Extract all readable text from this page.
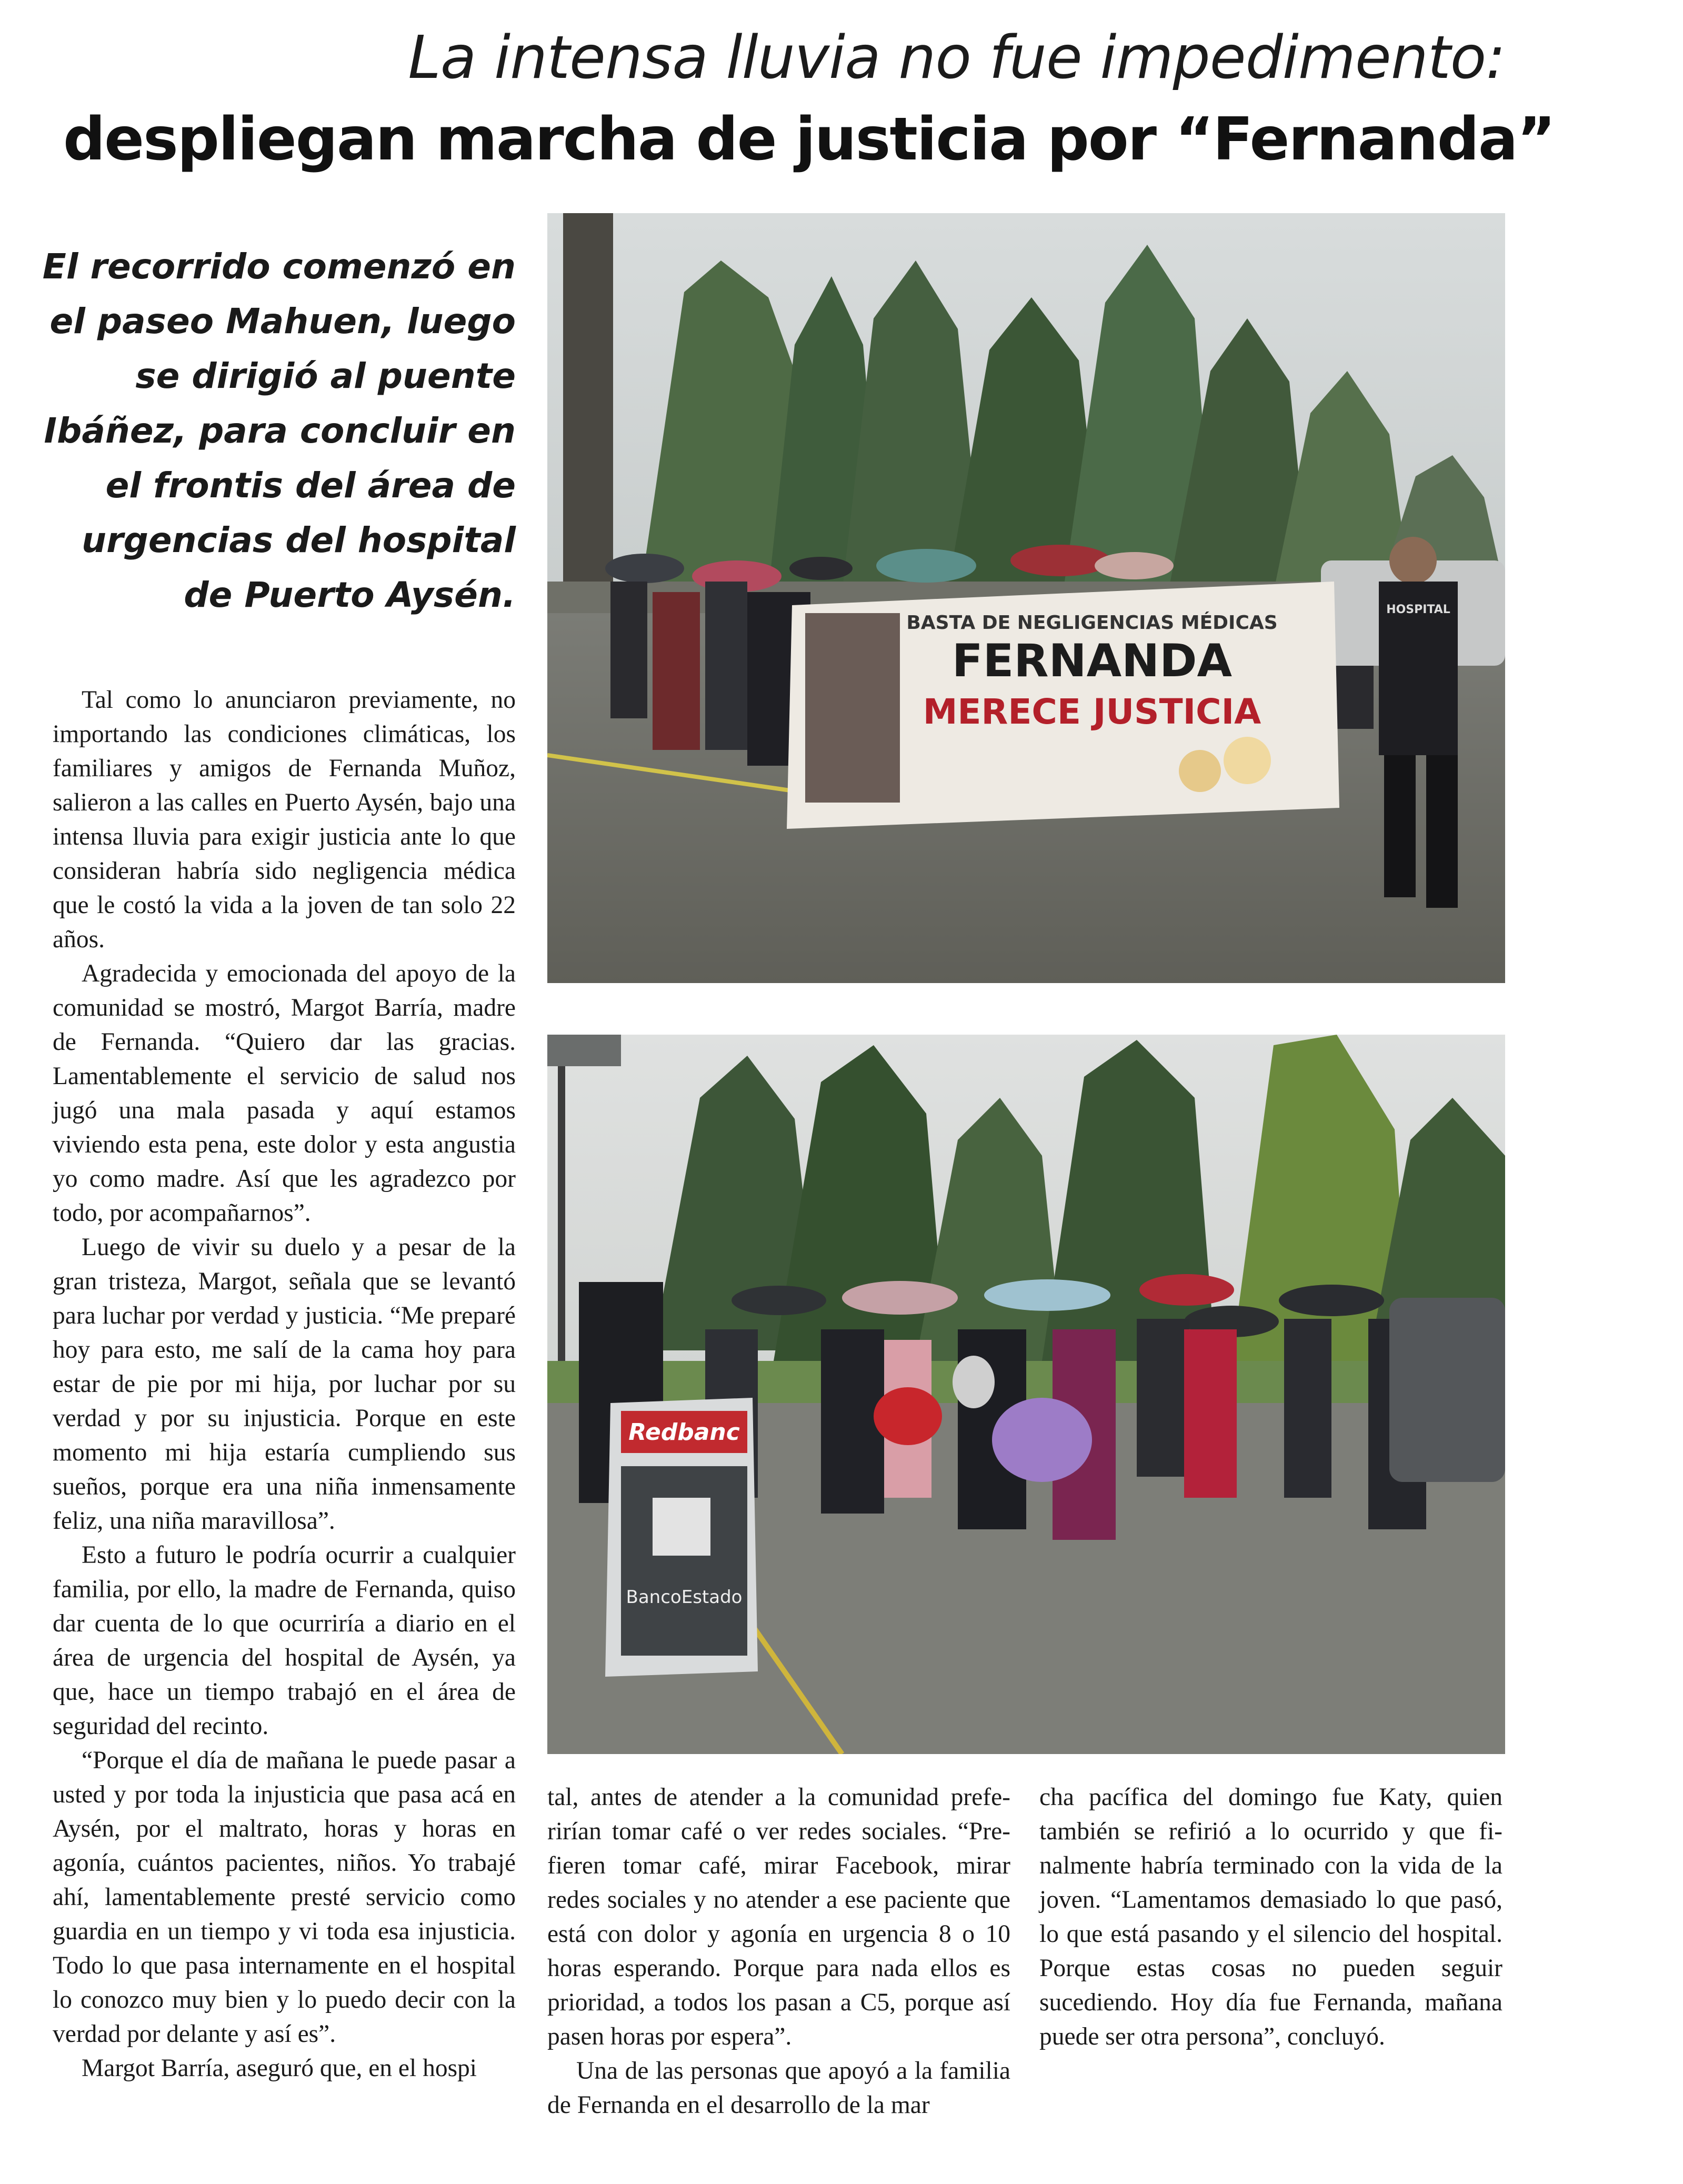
La intensa lluvia no fue impedimento:
despliegan marcha de justicia por “Fernanda”
El recorrido comenzó en el paseo Mahuen, luego se dirigió al puente Ibáñez, para concluir en el frontis del área de urgencias del hospital de Puerto Aysén.

Tal como lo anunciaron previamente, no importando las condiciones climáticas, los familiares y amigos de Fernanda Muñoz, salieron a las calles en Puerto Aysén, bajo una intensa lluvia para exigir justicia ante lo que consideran habría sido negligencia médica que le costó la vida a la joven de tan solo 22 años.

Agradecida y emocionada del apoyo de la comunidad se mostró, Margot Barría, madre de Fernanda. “Quiero dar las gracias. Lamentablemente el servicio de salud nos jugó una mala pasada y aquí estamos viviendo esta pena, este dolor y esta angustia yo como madre. Así que les agradezco por todo, por acompañarnos”.

Luego de vivir su duelo y a pesar de la gran tristeza, Margot, señala que se levantó para luchar por verdad y justicia. “Me preparé hoy para esto, me salí de la cama hoy para estar de pie por mi hija, por luchar por su verdad y por su injusticia. Porque en este momento mi hija estaría cumpliendo sus sueños, porque era una niña inmensamente feliz, una niña maravillosa”.

Esto a futuro le podría ocurrir a cualquier familia, por ello, la madre de Fernanda, quiso dar cuenta de lo que ocurriría a diario en el área de urgencia del hospital de Aysén, ya que, hace un tiempo trabajó en el área de seguridad del recinto.

“Porque el día de mañana le puede pasar a usted y por toda la injusticia que pasa acá en Aysén, por el maltrato, horas y horas en agonía, cuántos pacientes, niños. Yo trabajé ahí, lamentablemente presté servicio como guardia en un tiempo y vi toda esa injusticia. Todo lo que pasa internamente en el hospital lo conozco muy bien y lo puedo decir con la verdad por delante y así es”.

Margot Barría, aseguró que, en el hospi

tal, antes de atender a la comunidad preferirían tomar café o ver redes sociales. “Prefieren tomar café, mirar Facebook, mirar redes sociales y no atender a ese paciente que está con dolor y agonía en urgencia 8 o 10 horas esperando. Porque para nada ellos es prioridad, a todos los pasan a C5, porque así pasen horas por espera”.

Una de las personas que apoyó a la familia de Fernanda en el desarrollo de la mar

cha pacífica del domingo fue Katy, quien también se refirió a lo ocurrido y que finalmente habría terminado con la vida de la joven. “Lamentamos demasiado lo que pasó, lo que está pasando y el silencio del hospital. Porque estas cosas no pueden seguir sucediendo. Hoy día fue Fernanda, mañana puede ser otra persona”, concluyó.

BASTA DE NEGLIGENCIAS MÉDICAS
FERNANDA
MERECE JUSTICIA
HOSPITAL
Redbanc
BancoEstado
